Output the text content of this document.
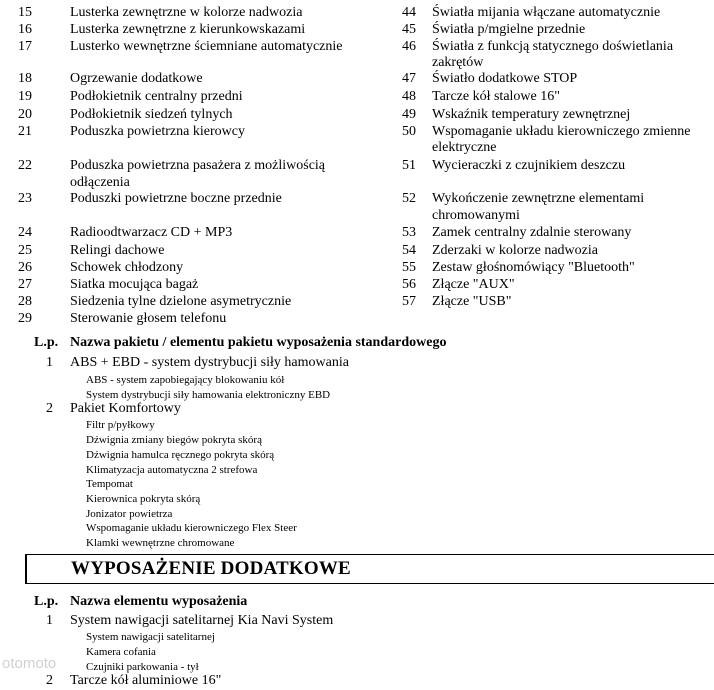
15	Lusterka zewnętrzne w kolorze nadwozia
16	Lusterka zewnętrzne z kierunkowskazami
17	Lusterko wewnętrzne ściemniane automatycznie
18	Ogrzewanie dodatkowe
19	Podłokietnik centralny przedni
20	Podłokietnik siedzeń tylnych
21	Poduszka powietrzna kierowcy
22	Poduszka powietrzna pasażera z możliwością
odłączenia
23	Poduszki powietrzne boczne przednie
24	Radioodtwarzacz CD + MP3
25	Relingi dachowe
26	Schowek chłodzony
27	Siatka mocująca bagaż
28	Siedzenia tylne dzielone asymetrycznie
29	Sterowanie głosem telefonu
44 Światła mijania włączane automatycznie
45 Światła p/mgielne przednie
46 Światła z funkcją statycznego doświetlania
zakrętów
47 Światło dodatkowe STOP
48 Tarcze kół stalowe 16"
49 Wskaźnik temperatury zewnętrznej
50 Wspomaganie układu kierowniczego zmienne
elektryczne
51 Wycieraczki z czujnikiem deszczu
52 Wykończenie zewnętrzne elementami
chromowanymi
53 Zamek centralny zdalnie sterowany
54 Zderzaki w kolorze nadwozia
55 Zestaw głośnomówiący "Bluetooth"
56 Złącze "AUX"
57 Złącze "USB"
L.p. Nazwa pakietu / elementu pakietu wyposażenia standardowego
1 ABS + EBD - system dystrybucji siły hamowania
ABS - system zapobiegający blokowaniu kół
System dystrybucji siły hamowania elektroniczny EBD
2 Pakiet Komfortowy
Filtr p/pyłkowy
Dźwignia zmiany biegów pokryta skórą
Dźwignia hamulca ręcznego pokryta skórą
Klimatyzacja automatyczna 2 strefowa
Tempomat
Kierownica pokryta skórą
Jonizator powietrza
Wspomaganie układu kierowniczego Flex Steer
Klamki wewnętrzne chromowane
WYPOSAŻENIE DODATKOWE
L.p. Nazwa elementu wyposażenia
1 System nawigacji satelitarnej Kia Navi System
System nawigacji satelitarnej
Kamera cofania
Czujniki parkowania - tył
2 Tarcze kół aluminiowe 16"
otomoto
